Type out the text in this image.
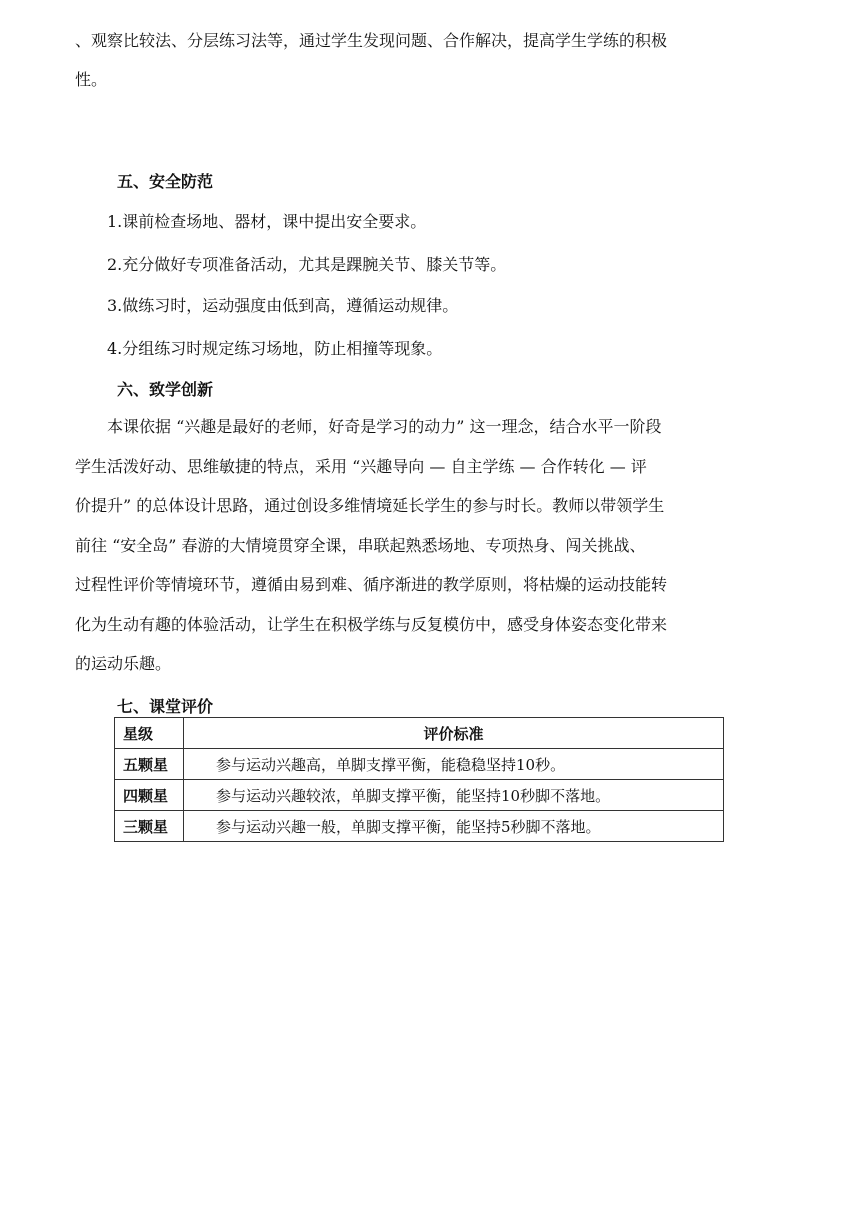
、观察比较法、分层练习法等，通过学生发现问题、合作解决，提高学生学练的积极

性。

五、安全防范

1.课前检查场地、器材，课中提出安全要求。

2.充分做好专项准备活动，尤其是踝腕关节、膝关节等。

3.做练习时，运动强度由低到高，遵循运动规律。

4.分组练习时规定练习场地，防止相撞等现象。

六、致学创新
本课依据 “兴趣是最好的老师，好奇是学习的动力” 这一理念，结合水平一阶段
学生活泼好动、思维敏捷的特点，采用 “兴趣导向 — 自主学练 — 合作转化 — 评
价提升” 的总体设计思路，通过创设多维情境延长学生的参与时长。教师以带领学生
前往 “安全岛” 春游的大情境贯穿全课，串联起熟悉场地、专项热身、闯关挑战、
过程性评价等情境环节，遵循由易到难、循序渐进的教学原则，将枯燥的运动技能转
化为生动有趣的体验活动，让学生在积极学练与反复模仿中，感受身体姿态变化带来
的运动乐趣。
七、课堂评价
星级	评价标准
五颗星	参与运动兴趣高，单脚支撑平衡，能稳稳坚持10秒。
四颗星	参与运动兴趣较浓，单脚支撑平衡，能坚持10秒脚不落地。
三颗星	参与运动兴趣一般，单脚支撑平衡，能坚持5秒脚不落地。
